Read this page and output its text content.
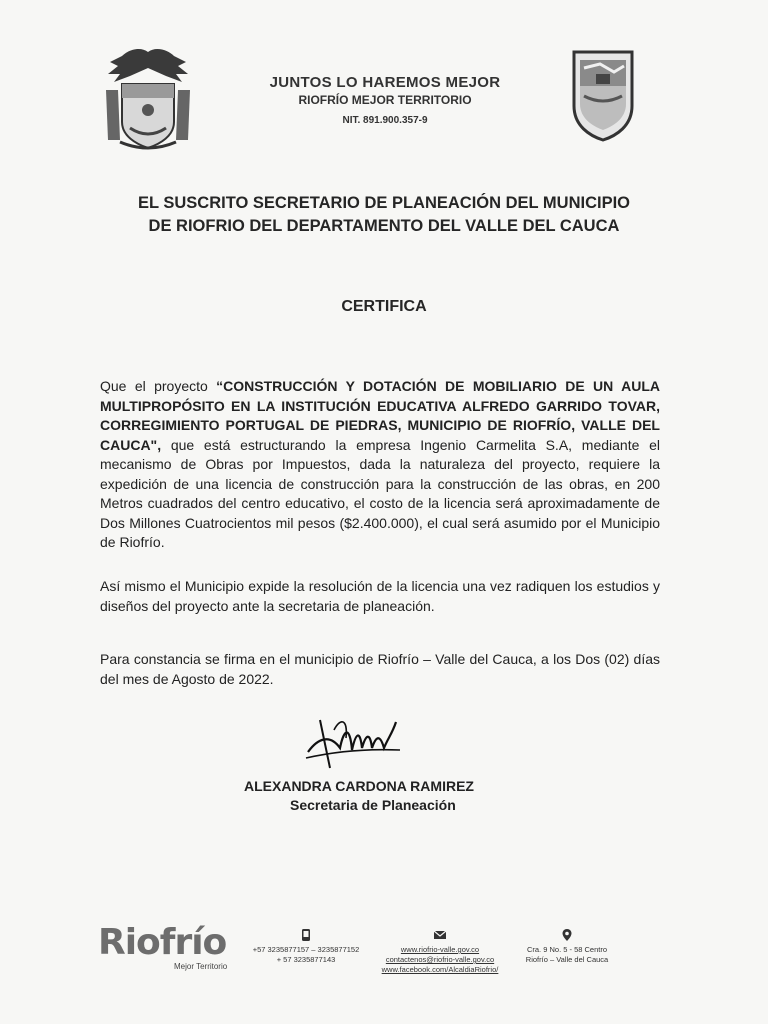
JUNTOS LO HAREMOS MEJOR
RIOFRÍO MEJOR TERRITORIO
NIT. 891.900.357-9
EL SUSCRITO SECRETARIO DE PLANEACIÓN DEL MUNICIPIO
DE RIOFRIO DEL DEPARTAMENTO DEL VALLE DEL CAUCA
CERTIFICA
Que el proyecto “CONSTRUCCIÓN Y DOTACIÓN DE MOBILIARIO DE UN AULA MULTIPROPÓSITO EN LA INSTITUCIÓN EDUCATIVA ALFREDO GARRIDO TOVAR, CORREGIMIENTO PORTUGAL DE PIEDRAS, MUNICIPIO DE RIOFRÍO, VALLE DEL CAUCA", que está estructurando la empresa Ingenio Carmelita S.A, mediante el mecanismo de Obras por Impuestos, dada la naturaleza del proyecto, requiere la expedición de una licencia de construcción para la construcción de las obras, en 200 Metros cuadrados del centro educativo, el costo de la licencia será aproximadamente de Dos Millones Cuatrocientos mil pesos ($2.400.000), el cual será asumido por el Municipio de Riofrío.
Así mismo el Municipio expide la resolución de la licencia una vez radiquen los estudios y diseños del proyecto ante la secretaria de planeación.
Para constancia se firma en el municipio de Riofrío – Valle del Cauca, a los Dos (02) días del mes de Agosto de 2022.
ALEXANDRA CARDONA RAMIREZ
Secretaria de Planeación
Riofrío
Mejor Territorio
+57 3235877157 – 3235877152
+ 57 3235877143
www.riofrio-valle.gov.co
contactenos@riofrio-valle.gov.co
www.facebook.com/AlcaldiaRiofrio/
Cra. 9 No. 5 - 58 Centro
Riofrío – Valle del Cauca
